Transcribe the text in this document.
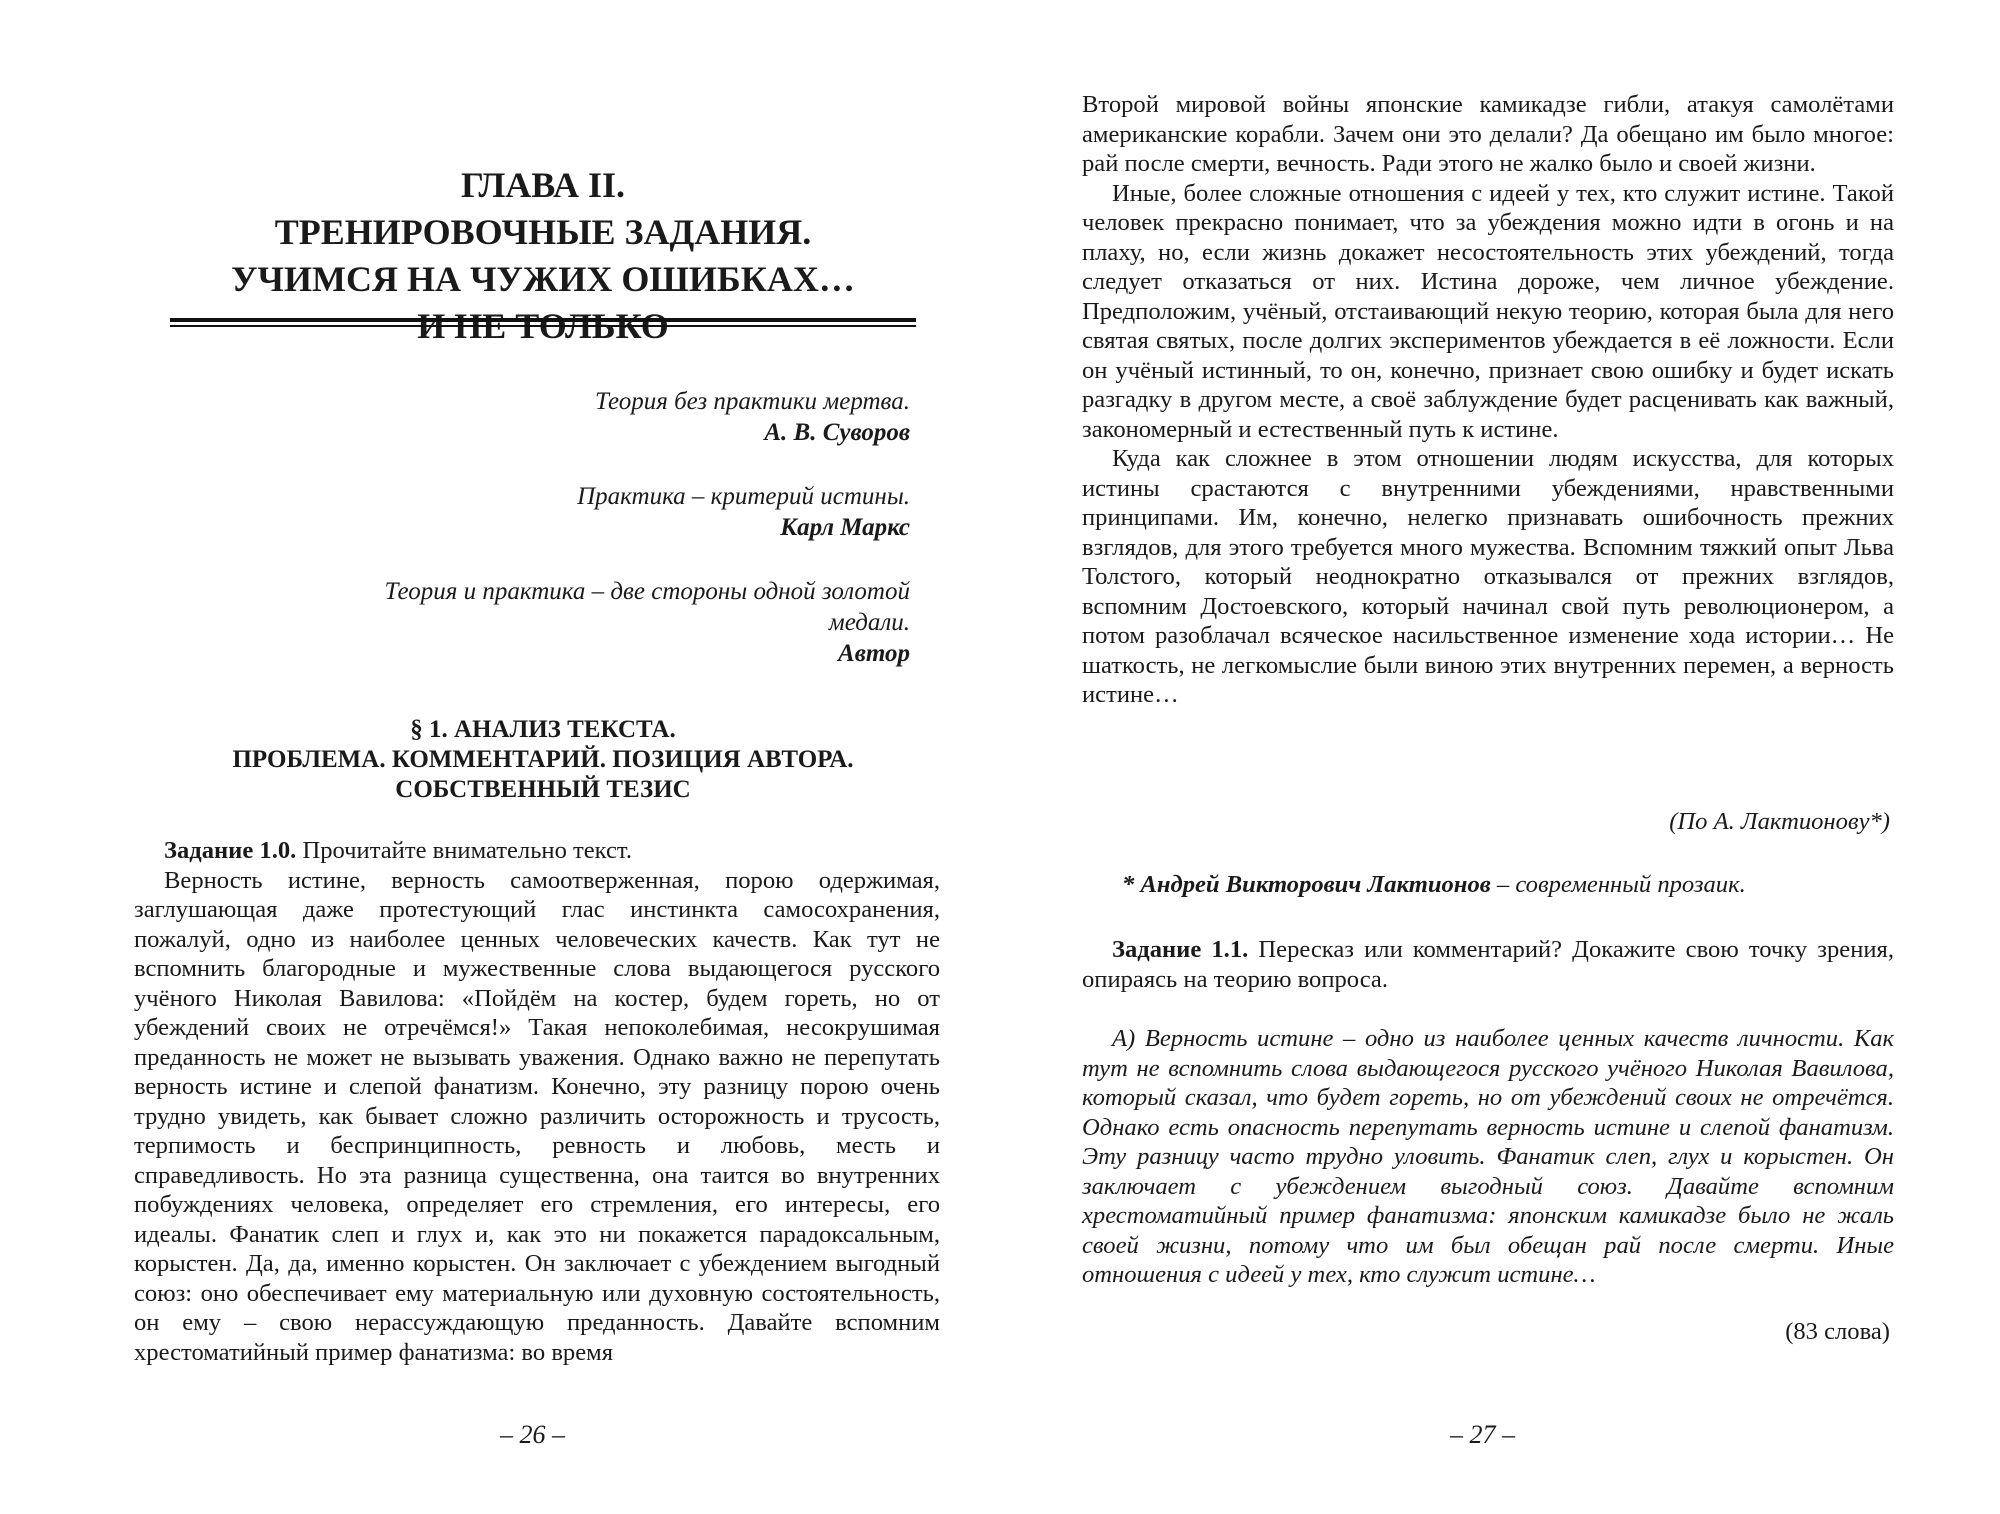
ГЛАВА II.
ТРЕНИРОВОЧНЫЕ ЗАДАНИЯ.
УЧИМСЯ НА ЧУЖИХ ОШИБКАХ…
И НЕ ТОЛЬКО
Теория без практики мертва.
А. В. Суворов
Практика – критерий истины.
Карл Маркс
Теория и практика – две стороны одной золотой медали.
Автор
§ 1. АНАЛИЗ ТЕКСТА.
ПРОБЛЕМА. КОММЕНТАРИЙ. ПОЗИЦИЯ АВТОРА.
СОБСТВЕННЫЙ ТЕЗИС

Задание 1.0. Прочитайте внимательно текст.

Верность истине, верность самоотверженная, порою одержимая, заглушающая даже протестующий глас инстинкта самосохранения, пожалуй, одно из наиболее ценных человеческих качеств. Как тут не вспомнить благородные и мужественные слова выдающегося русского учёного Николая Вавилова: «Пойдём на костер, будем гореть, но от убеждений своих не отречёмся!» Такая непоколебимая, несокрушимая преданность не может не вызывать уважения. Однако важно не перепутать верность истине и слепой фанатизм. Конечно, эту разницу порою очень трудно увидеть, как бывает сложно различить осторожность и трусость, терпимость и беспринципность, ревность и любовь, месть и справедливость. Но эта разница существенна, она таится во внутренних побуждениях человека, определяет его стремления, его интересы, его идеалы. Фанатик слеп и глух и, как это ни покажется парадоксальным, корыстен. Да, да, именно корыстен. Он заключает с убеждением выгодный союз: оно обеспечивает ему материальную или духовную состоятельность, он ему – свою нерассуждающую преданность. Давайте вспомним хрестоматийный пример фанатизма: во время

– 26 –

Второй мировой войны японские камикадзе гибли, атакуя самолётами американские корабли. Зачем они это делали? Да обещано им было многое: рай после смерти, вечность. Ради этого не жалко было и своей жизни.

Иные, более сложные отношения с идеей у тех, кто служит истине. Такой человек прекрасно понимает, что за убеждения можно идти в огонь и на плаху, но, если жизнь докажет несостоятельность этих убеждений, тогда следует отказаться от них. Истина дороже, чем личное убеждение. Предположим, учёный, отстаивающий некую теорию, которая была для него святая святых, после долгих экспериментов убеждается в её ложности. Если он учёный истинный, то он, конечно, признает свою ошибку и будет искать разгадку в другом месте, а своё заблуждение будет расценивать как важный, закономерный и естественный путь к истине.

Куда как сложнее в этом отношении людям искусства, для которых истины срастаются с внутренними убеждениями, нравственными принципами. Им, конечно, нелегко признавать ошибочность прежних взглядов, для этого требуется много мужества. Вспомним тяжкий опыт Льва Толстого, который неоднократно отказывался от прежних взглядов, вспомним Достоевского, который начинал свой путь революционером, а потом разоблачал всяческое насильственное изменение хода истории… Не шаткость, не легкомыслие были виною этих внутренних перемен, а верность истине…

(По А. Лактионову*)
* Андрей Викторович Лактионов – современный прозаик.

Задание 1.1. Пересказ или комментарий? Докажите свою точку зрения, опираясь на теорию вопроса.

А) Верность истине – одно из наиболее ценных качеств личности. Как тут не вспомнить слова выдающегося русского учёного Николая Вавилова, который сказал, что будет гореть, но от убеждений своих не отречётся. Однако есть опасность перепутать верность истине и слепой фанатизм. Эту разницу часто трудно уловить. Фанатик слеп, глух и корыстен. Он заключает с убеждением выгодный союз. Давайте вспомним хрестоматийный пример фанатизма: японским камикадзе было не жаль своей жизни, потому что им был обещан рай после смерти. Иные отношения с идеей у тех, кто служит истине…

(83 слова)
– 27 –
